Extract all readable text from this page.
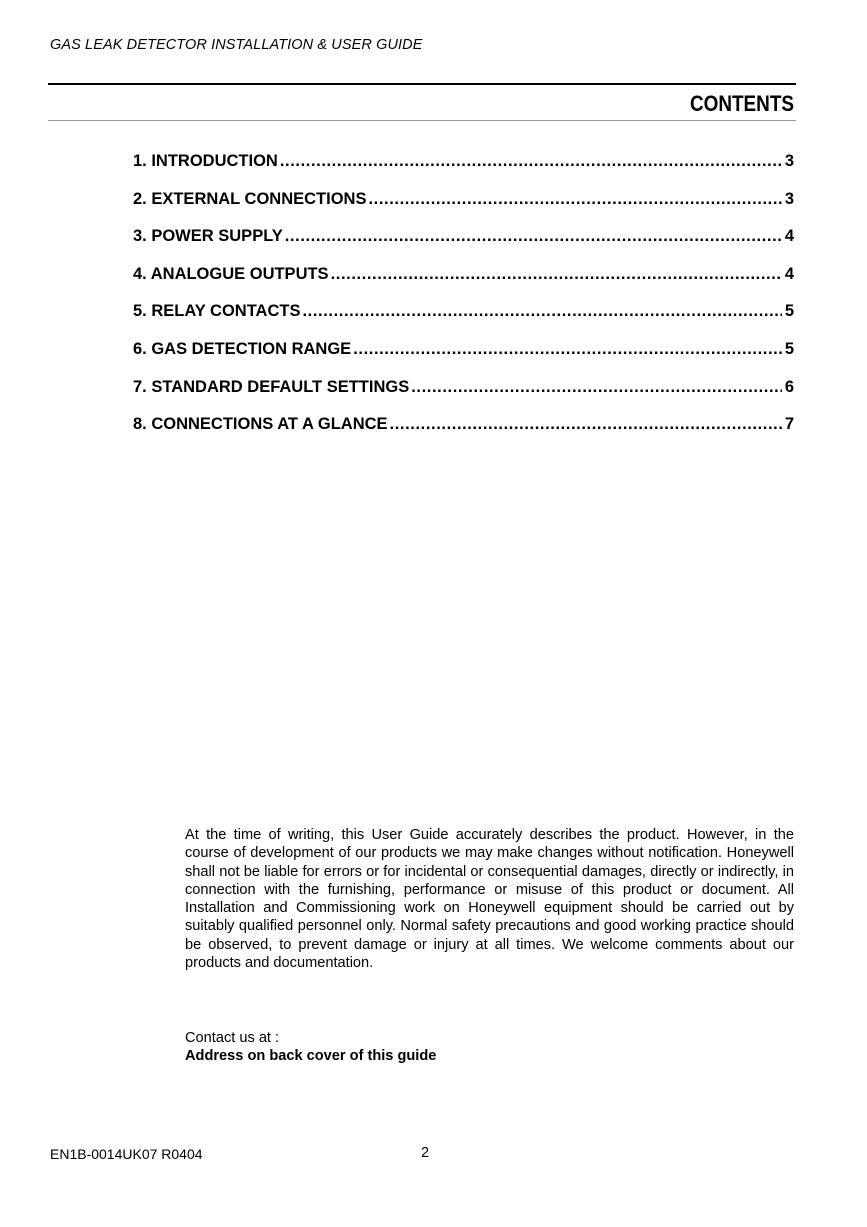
GAS LEAK DETECTOR INSTALLATION & USER GUIDE
CONTENTS
1. INTRODUCTION .....	3
2. EXTERNAL CONNECTIONS .....	3
3. POWER SUPPLY .....	4
4. ANALOGUE OUTPUTS .....	4
5. RELAY CONTACTS .....	5
6. GAS DETECTION RANGE .....	5
7. STANDARD DEFAULT SETTINGS .....	6
8. CONNECTIONS AT A GLANCE .....	7

At the time of writing, this User Guide accurately describes the product. However, in the course of development of our products we may make changes without notification. Honeywell shall not be liable for errors or for incidental or consequential damages, directly or indirectly, in connection with the furnishing, performance or misuse of this product or document. All Installation and Commissioning work on Honeywell equipment should be carried out by suitably qualified personnel only. Normal safety precautions and good working practice should be observed, to prevent damage or injury at all times. We welcome comments about our products and documentation.

Contact us at :
Address on back cover of this guide
EN1B-0014UK07 R0404	2
